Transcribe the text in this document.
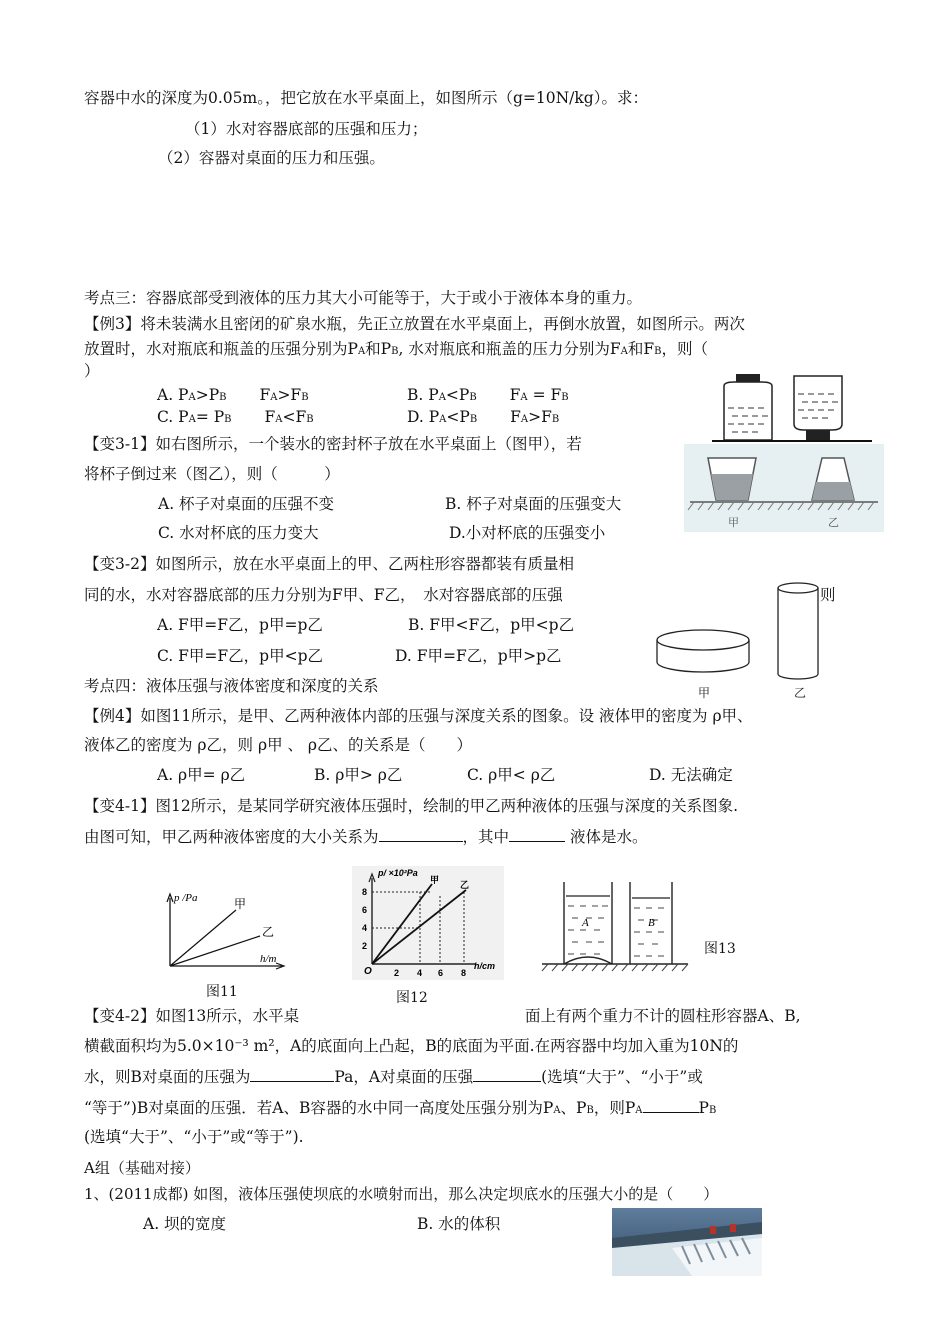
容器中水的深度为0.05m。，把它放在水平桌面上，如图所示（g=10N/kg）。求：
（1）水对容器底部的压强和压力；
（2）容器对桌面的压力和压强。
考点三：容器底部受到液体的压力其大小可能等于，大于或小于液体本身的重力。
【例3】将未装满水且密闭的矿泉水瓶，先正立放置在水平桌面上，再倒水放置，如图所示。两次
放置时，水对瓶底和瓶盖的压强分别为PA和PB, 水对瓶底和瓶盖的压力分别为FA和FB，则（
）
A. PA>PB FA>FB	B. PA<PB FA = FB
C. PA= PB FA<FB	D. PA<PB FA>FB
【变3-1】如右图所示，一个装水的密封杯子放在水平桌面上（图甲），若
将杯子倒过来（图乙），则（　　　）
A. 杯子对桌面的压强不变	B. 杯子对桌面的压强变大
C. 水对杯底的压力变大	D.小对杯底的压强变小
甲	乙
【变3-2】如图所示，放在水平桌面上的甲、乙两柱形容器都装有质量相
同的水，水对容器底部的压力分别为F甲、F乙，　水对容器底部的压强	则
A. F甲=F乙，p甲=p乙	B. F甲<F乙，p甲<p乙
C. F甲=F乙，p甲<p乙	D. F甲=F乙，p甲>p乙
甲	乙
考点四：液体压强与液体密度和深度的关系
【例4】如图11所示，是甲、乙两种液体内部的压强与深度关系的图象。设 液体甲的密度为 ρ甲、
液体乙的密度为 ρ乙，则 ρ甲 、 ρ乙、的关系是（　　）
A. ρ甲= ρ乙	B. ρ甲> ρ乙	C. ρ甲< ρ乙	D. 无法确定
【变4-1】图12所示，是某同学研究液体压强时，绘制的甲乙两种液体的压强与深度的关系图象.
由图可知，甲乙两种液体密度的大小关系为	，其中	液体是水。
p /Pa
h/m
甲
乙
图11
p/ ×10²Pa
h/cm
甲 乙
O
8
6
4
2
2 4 6 8
图12
A	B
图13
【变4-2】如图13所示，水平桌	面上有两个重力不计的圆柱形容器A、B,
横截面积均为5.0×10⁻³ m²，A的底面向上凸起，B的底面为平面.在两容器中均加入重为10N的
水，则B对桌面的压强为	Pa，A对桌面的压强	(选填“大于”、“小于”或
“等于”)B对桌面的压强．若A、B容器的水中同一高度处压强分别为PA、PB，则PA	PB
(选填“大于”、“小于”或“等于”).
A组（基础对接）
1、(2011成都) 如图，液体压强使坝底的水喷射而出，那么决定坝底水的压强大小的是（　　）
A. 坝的宽度	B. 水的体积
